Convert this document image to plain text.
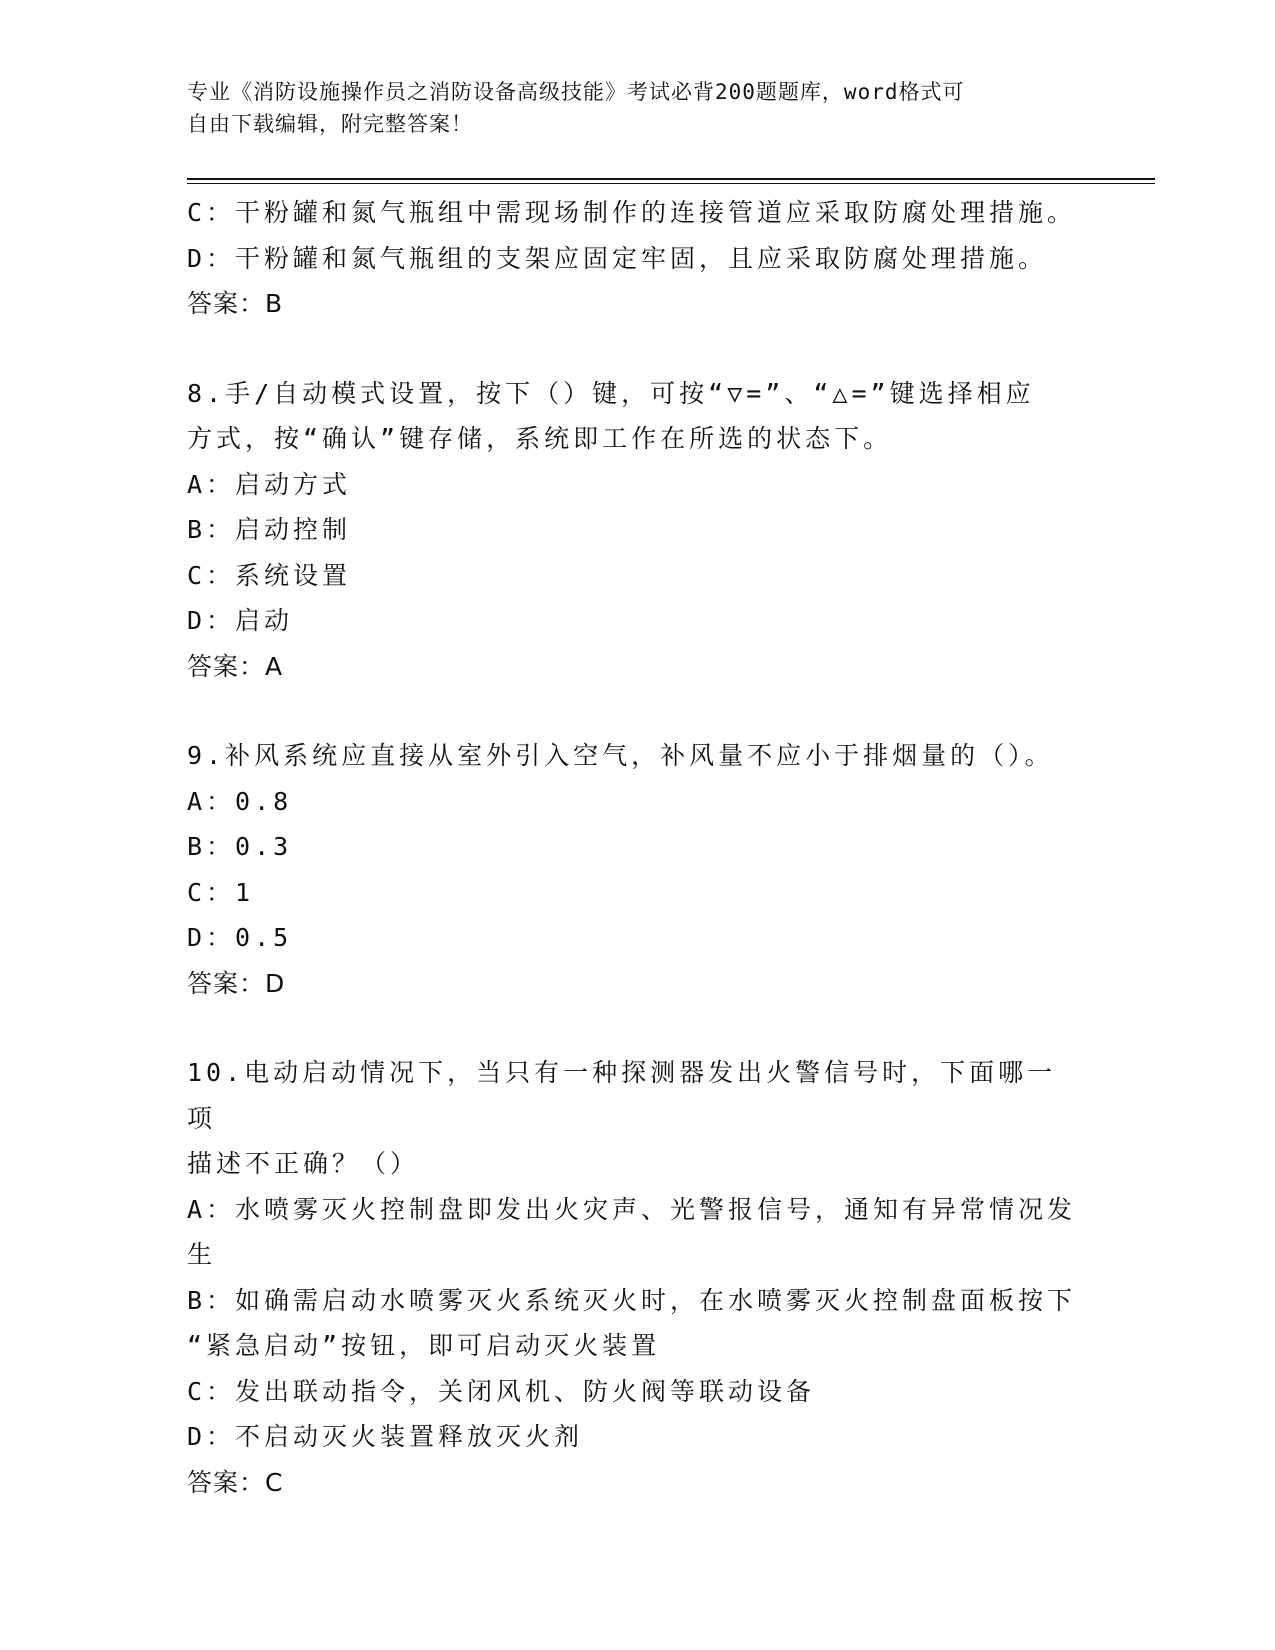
专业《消防设施操作员之消防设备高级技能》考试必背200题题库，word格式可
自由下载编辑，附完整答案！
C：干粉罐和氮气瓶组中需现场制作的连接管道应采取防腐处理措施。
D：干粉罐和氮气瓶组的支架应固定牢固，且应采取防腐处理措施。
答案：B
8.手/自动模式设置，按下（）键，可按“▽=”、“△=”键选择相应
方式，按“确认”键存储，系统即工作在所选的状态下。
A：启动方式
B：启动控制
C：系统设置
D：启动
答案：A
9.补风系统应直接从室外引入空气，补风量不应小于排烟量的（）。
A：0.8
B：0.3
C：1
D：0.5
答案：D
10.电动启动情况下，当只有一种探测器发出火警信号时，下面哪一项
描述不正确？（）
A：水喷雾灭火控制盘即发出火灾声、光警报信号，通知有异常情况发
生
B：如确需启动水喷雾灭火系统灭火时，在水喷雾灭火控制盘面板按下
“紧急启动”按钮，即可启动灭火装置
C：发出联动指令，关闭风机、防火阀等联动设备
D：不启动灭火装置释放灭火剂
答案：C
